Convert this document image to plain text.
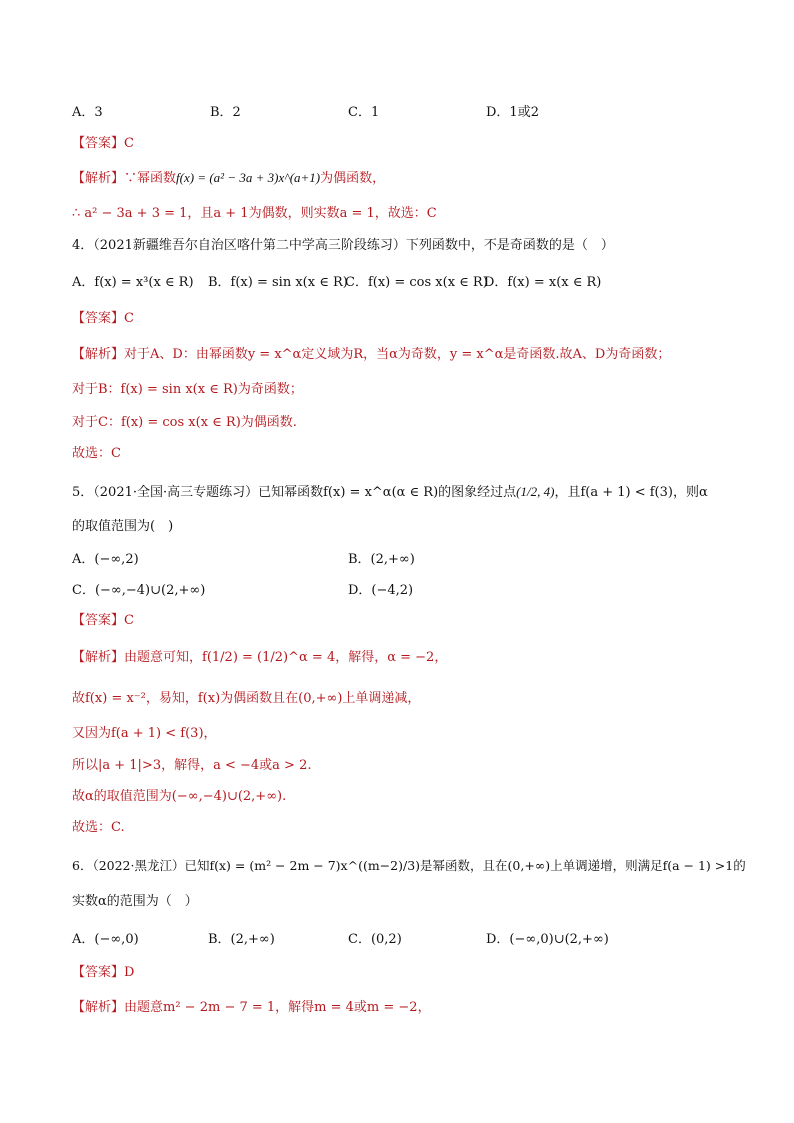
A．3	B．2	C．1	D．1或2
【答案】C
【解析】∵幂函数f(x) = (a² − 3a + 3)x^(a+1)为偶函数，
∴ a² − 3a + 3 = 1，且a + 1为偶数，则实数a = 1，故选：C
4．（2021新疆维吾尔自治区喀什第二中学高三阶段练习）下列函数中，不是奇函数的是（　）
A．f(x) = x³(x ∈ R) B．f(x) = sin x(x ∈ R)
C．f(x) = cos x(x ∈ R)
D．f(x) = x(x ∈ R)
【答案】C
【解析】对于A、D：由幂函数y = x^α定义域为R，当α为奇数，y = x^α是奇函数.故A、D为奇函数；
对于B：f(x) = sin x(x ∈ R)为奇函数；
对于C：f(x) = cos x(x ∈ R)为偶函数.
故选：C
5．（2021·全国·高三专题练习）已知幂函数f(x) = x^α(α ∈ R)的图象经过点(1/2, 4)，且f(a + 1) < f(3)，则α
的取值范围为(　)
A．(−∞,2)	B．(2,+∞)
C．(−∞,−4)∪(2,+∞)	D．(−4,2)
【答案】C
【解析】由题意可知，f(1/2) = (1/2)^α = 4，解得，α = −2，
故f(x) = x⁻²，易知，f(x)为偶函数且在(0,+∞)上单调递减，
又因为f(a + 1) < f(3)，
所以|a + 1|>3，解得，a < −4或a > 2.
故α的取值范围为(−∞,−4)∪(2,+∞).
故选：C.
6．（2022·黑龙江）已知f(x) = (m² − 2m − 7)x^((m−2)/3)是幂函数，且在(0,+∞)上单调递增，则满足f(a − 1) >1的
实数α的范围为（　）
A．(−∞,0)	B．(2,+∞)	C．(0,2)	D．(−∞,0)∪(2,+∞)
【答案】D
【解析】由题意m² − 2m − 7 = 1，解得m = 4或m = −2，
